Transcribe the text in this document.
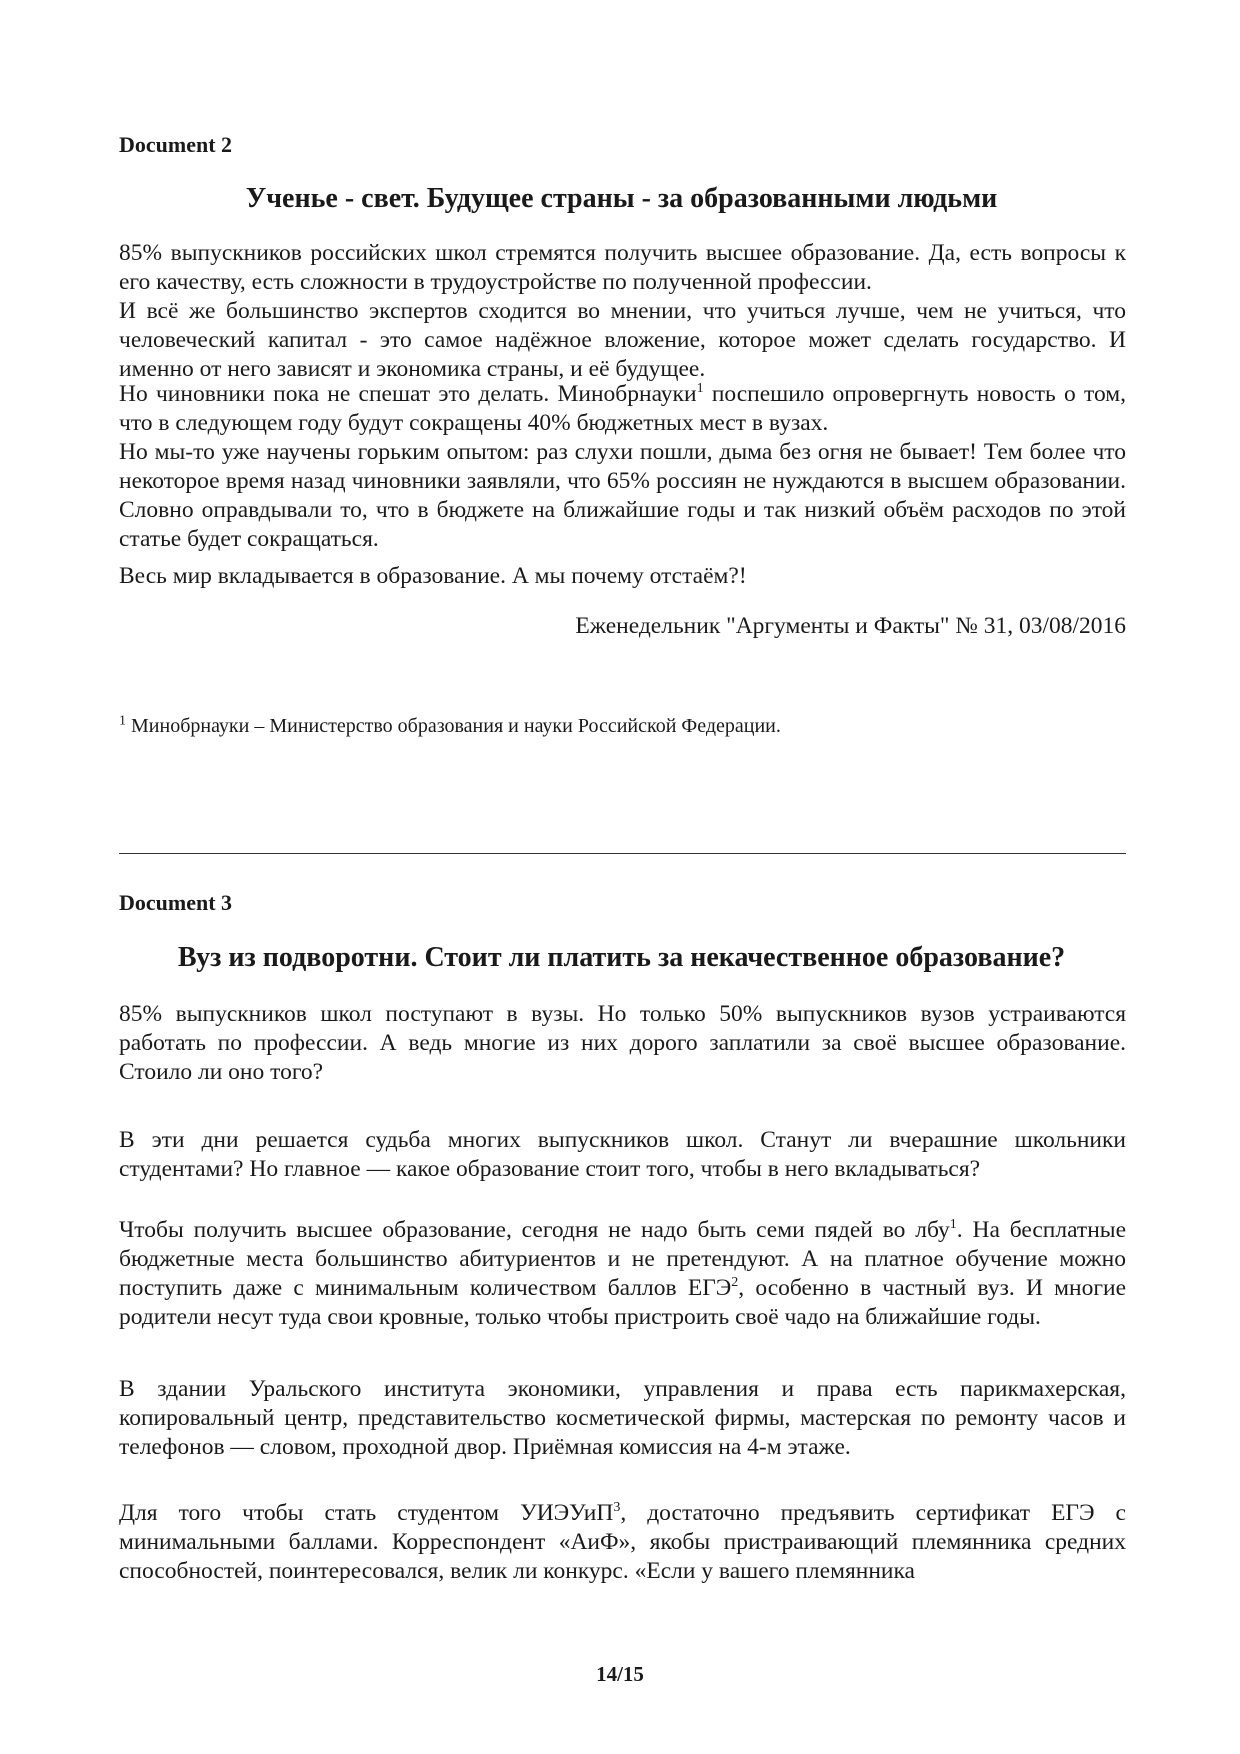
Document 2
Ученье - свет. Будущее страны - за образованными людьми

85% выпускников российских школ стремятся получить высшее образование. Да, есть вопросы к его качеству, есть сложности в трудоустройстве по полученной профессии.
И всё же большинство экспертов сходится во мнении, что учиться лучше, чем не учиться, что человеческий капитал - это самое надёжное вложение, которое может сделать государство. И именно от него зависят и экономика страны, и её будущее.

Но чиновники пока не спешат это делать. Минобрнауки$^1$ поспешило опровергнуть новость о том, что в следующем году будут сокращены 40% бюджетных мест в вузах.
Но мы-то уже научены горьким опытом: раз слухи пошли, дыма без огня не бывает! Тем более что некоторое время назад чиновники заявляли, что 65% россиян не нуждаются в высшем образовании. Словно оправдывали то, что в бюджете на ближайшие годы и так низкий объём расходов по этой статье будет сокращаться.

Весь мир вкладывается в образование. А мы почему отстаём?!

Еженедельник "Аргументы и Факты" № 31, 03/08/2016
$^1$ Минобрнауки – Министерство образования и науки Российской Федерации.
Document 3
Вуз из подворотни. Стоит ли платить за некачественное образование?

85% выпускников школ поступают в вузы. Но только 50% выпускников вузов устраиваются работать по профессии. А ведь многие из них дорого заплатили за своё высшее образование. Стоило ли оно того?

В эти дни решается судьба многих выпускников школ. Станут ли вчерашние школьники студентами? Но главное — какое образование стоит того, чтобы в него вкладываться?

Чтобы получить высшее образование, сегодня не надо быть семи пядей во лбу$^1$. На бесплатные бюджетные места большинство абитуриентов и не претендуют. А на платное обучение можно поступить даже с минимальным количеством баллов ЕГЭ$^2$, особенно в частный вуз. И многие родители несут туда свои кровные, только чтобы пристроить своё чадо на ближайшие годы.

В здании Уральского института экономики, управления и права есть парикмахерская, копировальный центр, представительство косметической фирмы, мастерская по ремонту часов и телефонов — словом, проходной двор. Приёмная комиссия на 4-м этаже.

Для того чтобы стать студентом УИЭУиП$^3$, достаточно предъявить сертификат ЕГЭ с минимальными баллами. Корреспондент «АиФ», якобы пристраивающий племянника средних способностей, поинтересовался, велик ли конкурс. «Если у вашего племянника

14/15
